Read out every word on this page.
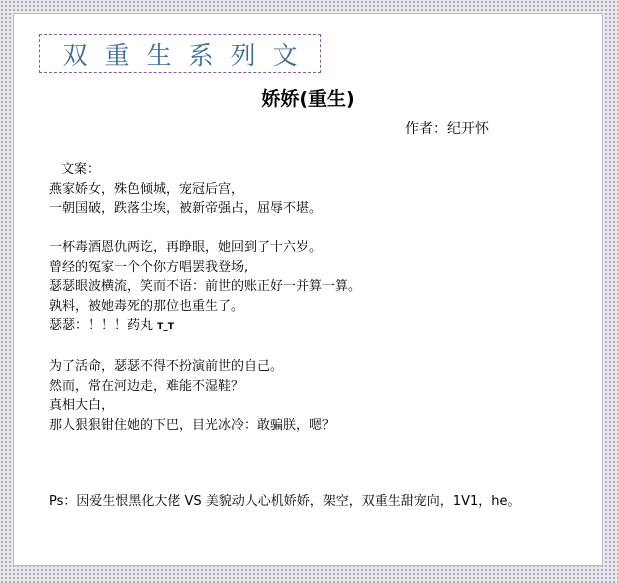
双重生系列文
娇娇(重生)
作者：纪开怀
文案：
燕家娇女，殊色倾城，宠冠后宫，
一朝国破，跌落尘埃，被新帝强占，屈辱不堪。
一杯毒酒恩仇两讫，再睁眼，她回到了十六岁。
曾经的冤家一个个你方唱罢我登场,
瑟瑟眼波横流，笑而不语：前世的账正好一并算一算。
孰料，被她毒死的那位也重生了。
瑟瑟：！！！药丸 T_T
为了活命，瑟瑟不得不扮演前世的自己。
然而，常在河边走，难能不湿鞋？
真相大白，
那人狠狠钳住她的下巴，目光冰冷：敢骗朕，嗯？
Ps：因爱生恨黑化大佬 VS 美貌动人心机娇娇，架空，双重生甜宠向，1V1，he。
